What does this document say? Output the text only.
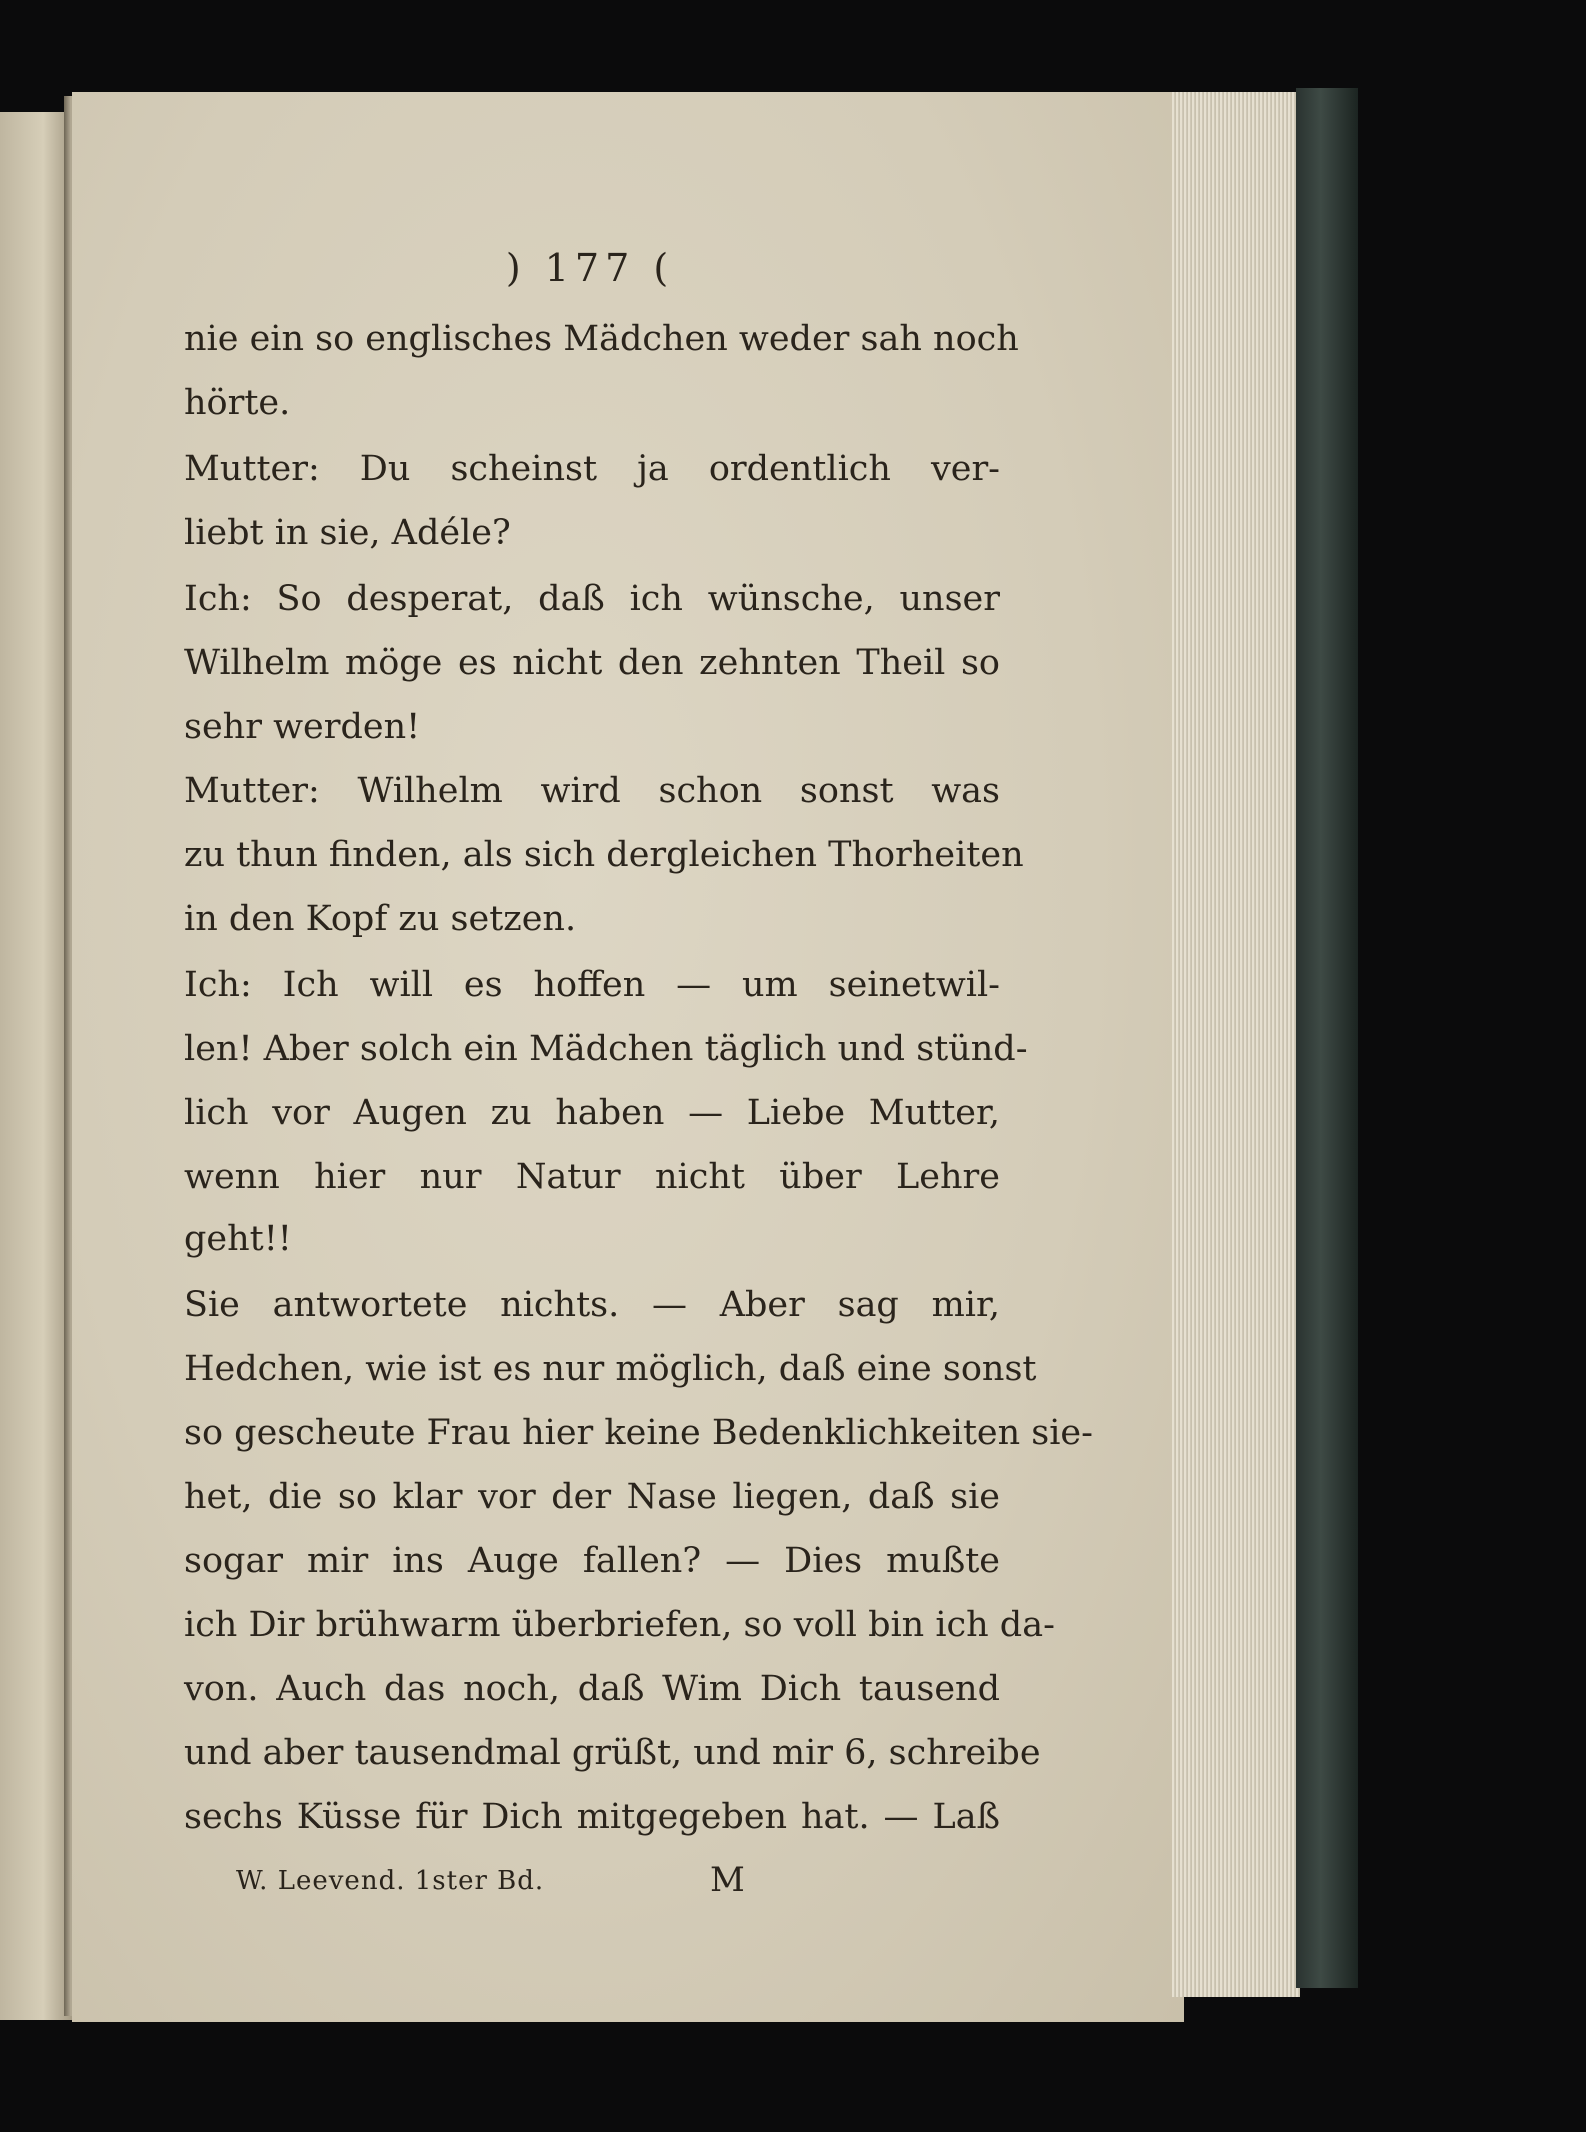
) 177 (
nie ein so englisches Mädchen weder sah noch
hörte.
Mutter: Du scheinst ja ordentlich ver-
liebt in sie, Adéle?
Ich: So desperat, daß ich wünsche, unser
Wilhelm möge es nicht den zehnten Theil so
sehr werden!
Mutter: Wilhelm wird schon sonst was
zu thun finden, als sich dergleichen Thorheiten
in den Kopf zu setzen.
Ich: Ich will es hoffen — um seinetwil-
len! Aber solch ein Mädchen täglich und stünd-
lich vor Augen zu haben — Liebe Mutter,
wenn hier nur Natur nicht über Lehre
geht!!
Sie antwortete nichts. — Aber sag mir,
Hedchen, wie ist es nur möglich, daß eine sonst
so gescheute Frau hier keine Bedenklichkeiten sie-
het, die so klar vor der Nase liegen, daß sie
sogar mir ins Auge fallen? — Dies mußte
ich Dir brühwarm überbriefen, so voll bin ich da-
von. Auch das noch, daß Wim Dich tausend
und aber tausendmal grüßt, und mir 6, schreibe
sechs Küsse für Dich mitgegeben hat. — Laß
W. Leevend. 1ster Bd.	M
